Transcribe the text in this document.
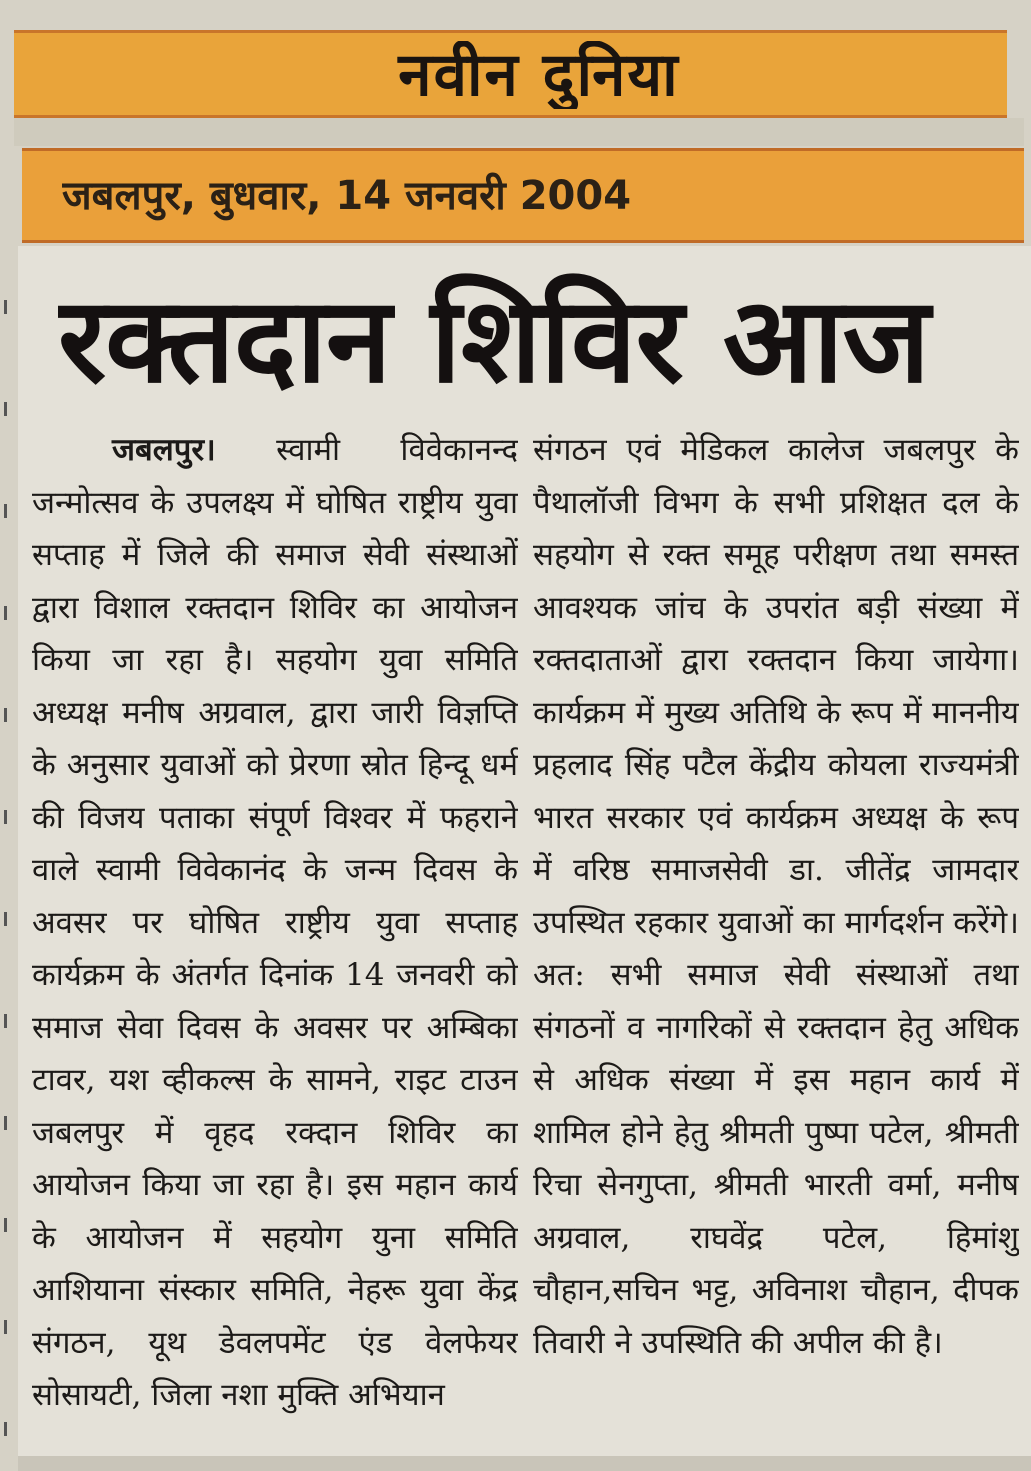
नवीन दुनिया
जबलपुर, बुधवार, 14 जनवरी 2004
रक्तदान शिविर आज

जबलपुर। स्वामी विवेकानन्द जन्मोत्सव के उपलक्ष्य में घोषित राष्ट्रीय युवा सप्ताह में जिले की समाज सेवी संस्थाओं द्वारा विशाल रक्तदान शिविर का आयोजन किया जा रहा है। सहयोग युवा समिति अध्यक्ष मनीष अग्रवाल, द्वारा जारी विज्ञप्ति के अनुसार युवाओं को प्रेरणा स्रोत हिन्दू धर्म की विजय पताका संपूर्ण विश्वर में फहराने वाले स्वामी विवेकानंद के जन्म दिवस के अवसर पर घोषित राष्ट्रीय युवा सप्ताह कार्यक्रम के अंतर्गत दिनांक 14 जनवरी को समाज सेवा दिवस के अवसर पर अम्बिका टावर, यश व्हीकल्स के सामने, राइट टाउन जबलपुर में वृहद रक्दान शिविर का आयोजन किया जा रहा है। इस महान कार्य के आयोजन में सहयोग युना समिति आशियाना संस्कार समिति, नेहरू युवा केंद्र संगठन, यूथ डेवलपमेंट एंड वेलफेयर सोसायटी, जिला नशा मुक्ति अभियान

संगठन एवं मेडिकल कालेज जबलपुर के पैथालॉजी विभग के सभी प्रशिक्षत दल के सहयोग से रक्त समूह परीक्षण तथा समस्त आवश्यक जांच के उपरांत बड़ी संख्या में रक्तदाताओं द्वारा रक्तदान किया जायेगा। कार्यक्रम में मुख्य अतिथि के रूप में माननीय प्रहलाद सिंह पटैल केंद्रीय कोयला राज्यमंत्री भारत सरकार एवं कार्यक्रम अध्यक्ष के रूप में वरिष्ठ समाजसेवी डा. जीतेंद्र जामदार उपस्थित रहकार युवाओं का मार्गदर्शन करेंगे। अत: सभी समाज सेवी संस्थाओं तथा संगठनों व नागरिकों से रक्तदान हेतु अधिक से अधिक संख्या में इस महान कार्य में शामिल होने हेतु श्रीमती पुष्पा पटेल, श्रीमती रिचा सेनगुप्ता, श्रीमती भारती वर्मा, मनीष अग्रवाल, राघवेंद्र पटेल, हिमांशु चौहान,सचिन भट्ट, अविनाश चौहान, दीपक तिवारी ने उपस्थिति की अपील की है।
